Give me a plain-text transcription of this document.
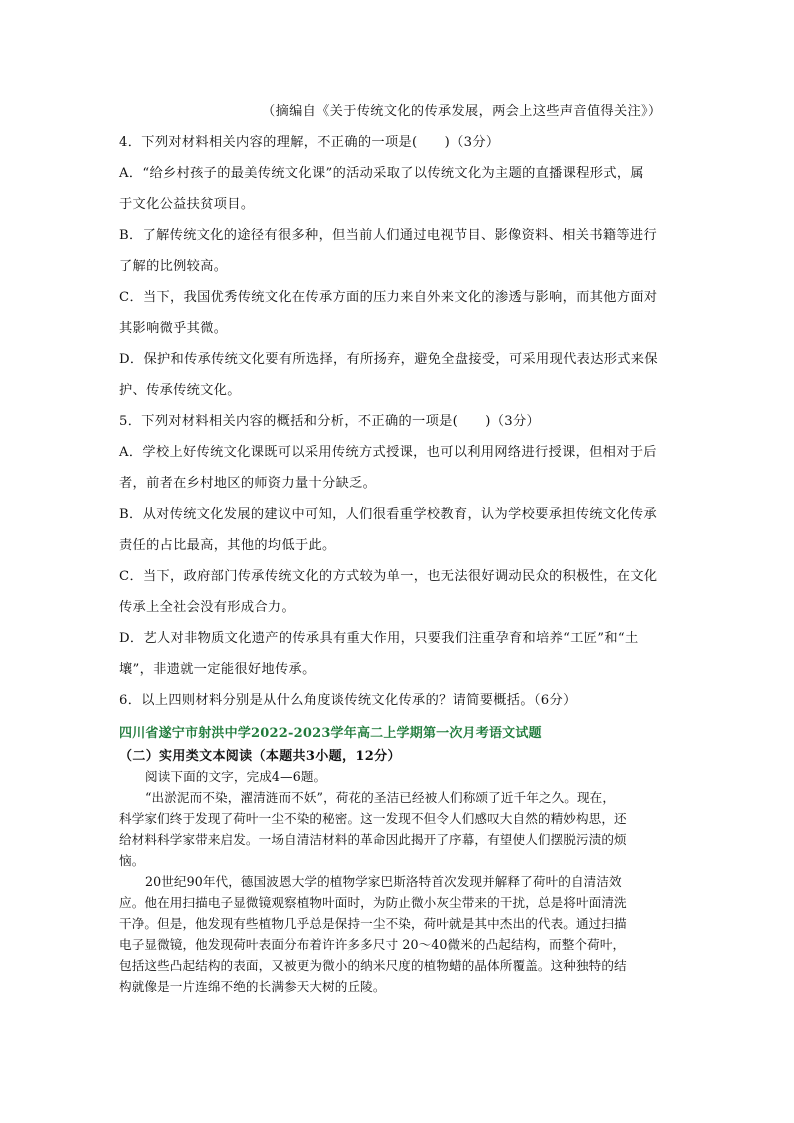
（摘编自《关于传统文化的传承发展，两会上这些声音值得关注》）
4．下列对材料相关内容的理解，不正确的一项是(　　)（3分）
A．“给乡村孩子的最美传统文化课”的活动采取了以传统文化为主题的直播课程形式，属
于文化公益扶贫项目。
B．了解传统文化的途径有很多种，但当前人们通过电视节目、影像资料、相关书籍等进行
了解的比例较高。
C．当下，我国优秀传统文化在传承方面的压力来自外来文化的渗透与影响，而其他方面对
其影响微乎其微。
D．保护和传承传统文化要有所选择，有所扬弃，避免全盘接受，可采用现代表达形式来保
护、传承传统文化。
5．下列对材料相关内容的概括和分析，不正确的一项是(　　)（3分）
A．学校上好传统文化课既可以采用传统方式授课，也可以利用网络进行授课，但相对于后
者，前者在乡村地区的师资力量十分缺乏。
B．从对传统文化发展的建议中可知，人们很看重学校教育，认为学校要承担传统文化传承
责任的占比最高，其他的均低于此。
C．当下，政府部门传承传统文化的方式较为单一，也无法很好调动民众的积极性，在文化
传承上全社会没有形成合力。
D．艺人对非物质文化遗产的传承具有重大作用，只要我们注重孕育和培养“工匠”和“土
壤”，非遗就一定能很好地传承。
6．以上四则材料分别是从什么角度谈传统文化传承的？请简要概括。（6分）
四川省遂宁市射洪中学2022-2023学年高二上学期第一次月考语文试题
（二）实用类文本阅读（本题共3小题，12分）
阅读下面的文字，完成4—6题。
“出淤泥而不染，濯清涟而不妖”，荷花的圣洁已经被人们称颂了近千年之久。现在，
科学家们终于发现了荷叶一尘不染的秘密。这一发现不但令人们感叹大自然的精妙构思，还
给材料科学家带来启发。一场自清洁材料的革命因此揭开了序幕，有望使人们摆脱污渍的烦
恼。
20世纪90年代，德国波恩大学的植物学家巴斯洛特首次发现并解释了荷叶的自清洁效
应。他在用扫描电子显微镜观察植物叶面时，为防止微小灰尘带来的干扰，总是将叶面清洗
干净。但是，他发现有些植物几乎总是保持一尘不染，荷叶就是其中杰出的代表。通过扫描
电子显微镜，他发现荷叶表面分布着许许多多尺寸 20～40微米的凸起结构，而整个荷叶，
包括这些凸起结构的表面，又被更为微小的纳米尺度的植物蜡的晶体所覆盖。这种独特的结
构就像是一片连绵不绝的长满参天大树的丘陵。
